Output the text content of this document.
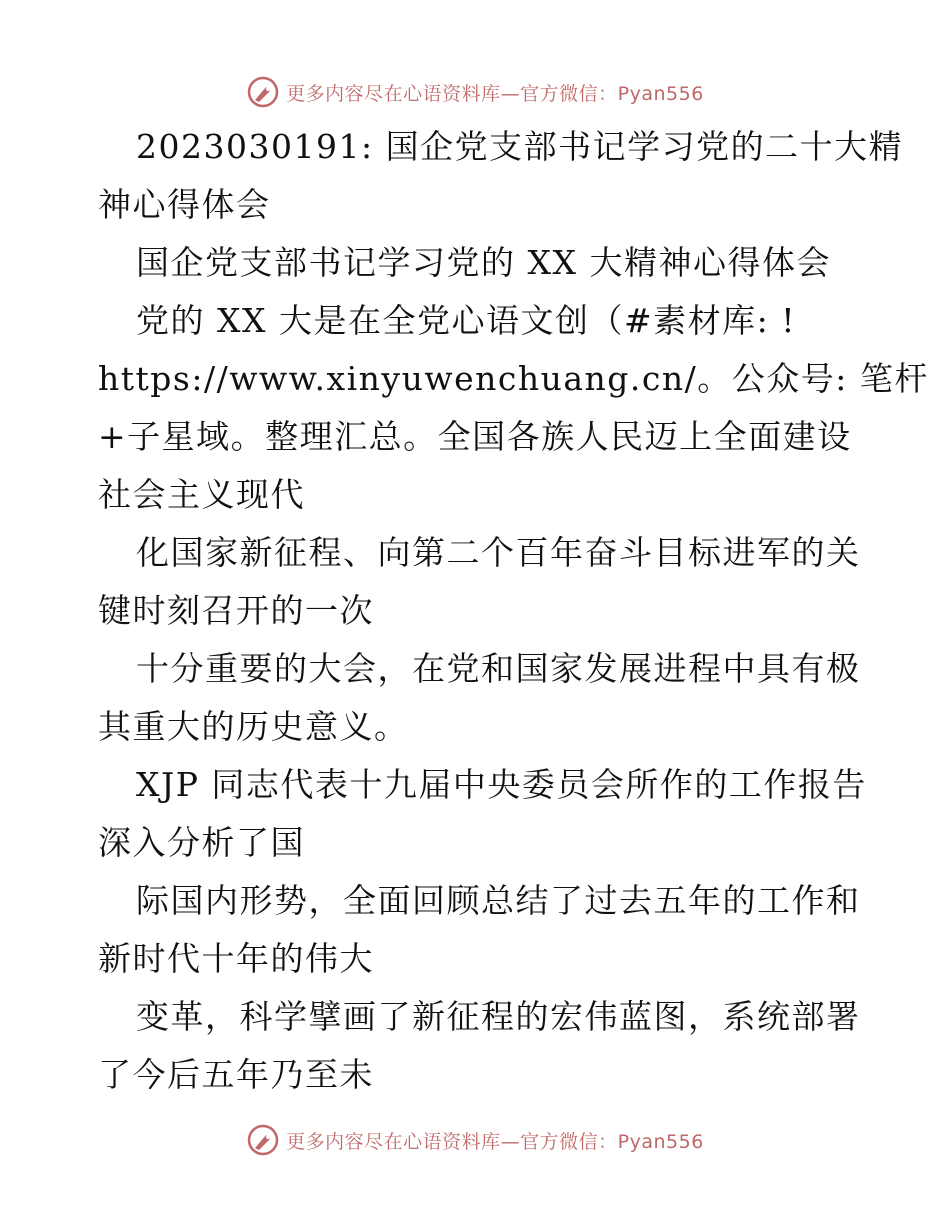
更多内容尽在心语资料库—官方微信：Pyan556
2023030191: 国企党支部书记学习党的二十大精
神心得体会
国企党支部书记学习党的 XX 大精神心得体会
党的 XX 大是在全党心语文创（#素材库: !
https://www.xinyuwenchuang.cn/。公众号: 笔杆
+子星域。整理汇总。全国各族人民迈上全面建设
社会主义现代
化国家新征程、向第二个百年奋斗目标进军的关
键时刻召开的一次
十分重要的大会，在党和国家发展进程中具有极
其重大的历史意义。
XJP 同志代表十九届中央委员会所作的工作报告
深入分析了国
际国内形势，全面回顾总结了过去五年的工作和
新时代十年的伟大
变革，科学擘画了新征程的宏伟蓝图，系统部署
了今后五年乃至未
更多内容尽在心语资料库—官方微信：Pyan556
